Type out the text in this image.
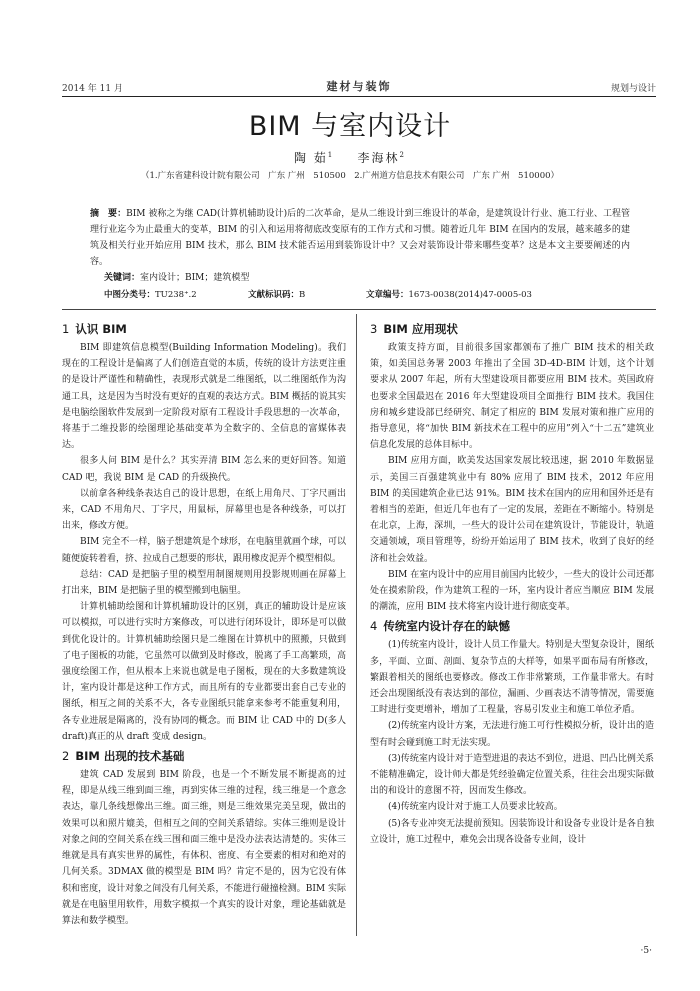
2014 年 11 月	建材与装饰	规划与设计
BIM 与室内设计
陶 茹$^1$ 李海林$^2$
（1.广东省建科设计院有限公司　广东 广州　510500　2.广州道方信息技术有限公司　广东 广州　510000）
摘　要：BIM 被称之为继 CAD(计算机辅助设计)后的二次革命，是从二维设计到三维设计的革命，是建筑设计行业、施工行业、工程管理行业迄今为止最重大的变革，BIM 的引入和运用将彻底改变原有的工作方式和习惯。随着近几年 BIM 在国内的发展，越来越多的建筑及相关行业开始应用 BIM 技术，那么 BIM 技术能否运用到装饰设计中？又会对装饰设计带来哪些变革？这是本文主要要阐述的内容。
关键词：室内设计；BIM；建筑模型
中图分类号：TU238⁺.2	文献标识码：B	文章编号：1673-0038(2014)47-0005-03
1 认识 BIM

BIM 即建筑信息模型(Building Information Modeling)。我们现在的工程设计是偏离了人们创造直觉的本质，传统的设计方法更注重的是设计严谨性和精确性，表现形式就是二维图纸，以二维图纸作为沟通工具，这是因为当时没有更好的直观的表达方式。BIM 概括的说其实是电脑绘图软件发展到一定阶段对原有工程设计手段思想的一次革命，将基于二维投影的绘图理论基础变革为全数字的、全信息的富媒体表达。

很多人问 BIM 是什么？其实弄清 BIM 怎么来的更好回答。知道 CAD 吧，我说 BIM 是 CAD 的升级换代。

以前拿各种线条表达自己的设计思想，在纸上用角尺、丁字尺画出来，CAD 不用角尺、丁字尺，用鼠标，屏幕里也是各种线条，可以打出来，修改方便。

BIM 完全不一样，脑子想建筑是个球形，在电脑里就画个球，可以随便旋转着看，挤、拉成自己想要的形状，跟用橡皮泥弄个模型相似。

总结：CAD 是把脑子里的模型用制图规则用投影规则画在屏幕上打出来，BIM 是把脑子里的模型搬到电脑里。

计算机辅助绘图和计算机辅助设计的区别，真正的辅助设计是应该可以模拟，可以进行实时方案修改，可以进行闭环设计，即环是可以做到优化设计的。计算机辅助绘图只是二维图在计算机中的照搬，只做到了电子图板的功能，它虽然可以做到及时修改，脱离了手工高繁琐，高强度绘图工作，但从根本上来说也就是电子图板，现在的大多数建筑设计，室内设计都是这种工作方式，而且所有的专业都要出套自己专业的图纸，相互之间的关系不大，各专业图纸只能拿来参考不能重复利用，各专业进展是隔离的，没有协同的概念。而 BIM 让 CAD 中的 D(多人 draft)真正的从 draft 变成 design。

2 BIM 出现的技术基础

建筑 CAD 发展到 BIM 阶段，也是一个不断发展不断提高的过程，即是从线三维到面三维，再到实体三维的过程，线三维是一个意念表达，靠几条线想像出三维。面三维，则是三维效果完美呈现，做出的效果可以和照片媲美，但相互之间的空间关系错综。实体三维则是设计对象之间的空间关系在线三围和面三维中是没办法表达清楚的。实体三维就是具有真实世界的属性，有体积、密度、有全要素的相对和绝对的几何关系。3DMAX 做的模型是 BIM 吗？肯定不是的，因为它没有体积和密度，设计对象之间没有几何关系，不能进行碰撞检测。BIM 实际就是在电脑里用软件，用数字模拟一个真实的设计对象，理论基础就是算法和数学模型。

3 BIM 应用现状

政策支持方面，目前很多国家都颁布了推广 BIM 技术的相关政策，如美国总务署 2003 年推出了全国 3D-4D-BIM 计划，这个计划要求从 2007 年起，所有大型建设项目都要应用 BIM 技术。英国政府也要求全国最迟在 2016 年大型建设项目全面推行 BIM 技术。我国住房和城乡建设部已经研究、制定了相应的 BIM 发展对策和推广应用的指导意见，将“加快 BIM 新技术在工程中的应用”列入“十二五”建筑业信息化发展的总体目标中。

BIM 应用方面，欧美发达国家发展比较迅速，据 2010 年数据显示，美国三百强建筑业中有 80% 应用了 BIM 技术，2012 年应用 BIM 的美国建筑企业已达 91%。BIM 技术在国内的应用和国外还是有着相当的差距，但近几年也有了一定的发展，差距在不断缩小。特别是在北京，上海，深圳，一些大的设计公司在建筑设计，节能设计，轨道交通领域，项目管理等，纷纷开始运用了 BIM 技术，收到了良好的经济和社会效益。

BIM 在室内设计中的应用目前国内比较少，一些大的设计公司还都处在摸索阶段，作为建筑工程的一环，室内设计者应当顺应 BIM 发展的潮流，应用 BIM 技术将室内设计进行彻底变革。

4 传统室内设计存在的缺憾

(1)传统室内设计，设计人员工作量大。特别是大型复杂设计，图纸多，平面、立面、剖面、复杂节点的大样等，如果平面布局有所修改，繁跟着相关的图纸也要修改。修改工作非常繁琐，工作量非常大。有时还会出现图纸没有表达到的部位，漏画、少画表达不清等情况，需要施工时进行变更增补，增加了工程量，容易引发业主和施工单位矛盾。

(2)传统室内设计方案，无法进行施工可行性模拟分析，设计出的造型有时会碰到施工时无法实现。

(3)传统室内设计对于造型进退的表达不到位，进退、凹凸比例关系不能精准确定，设计师大都是凭经验确定位置关系，往往会出现实际做出的和设计的意图不符，因而发生修改。

(4)传统室内设计对于施工人员要求比较高。

(5)各专业冲突无法提前预知。因装饰设计和设备专业设计是各自独立设计，施工过程中，难免会出现各设备专业间，设计

·5·
